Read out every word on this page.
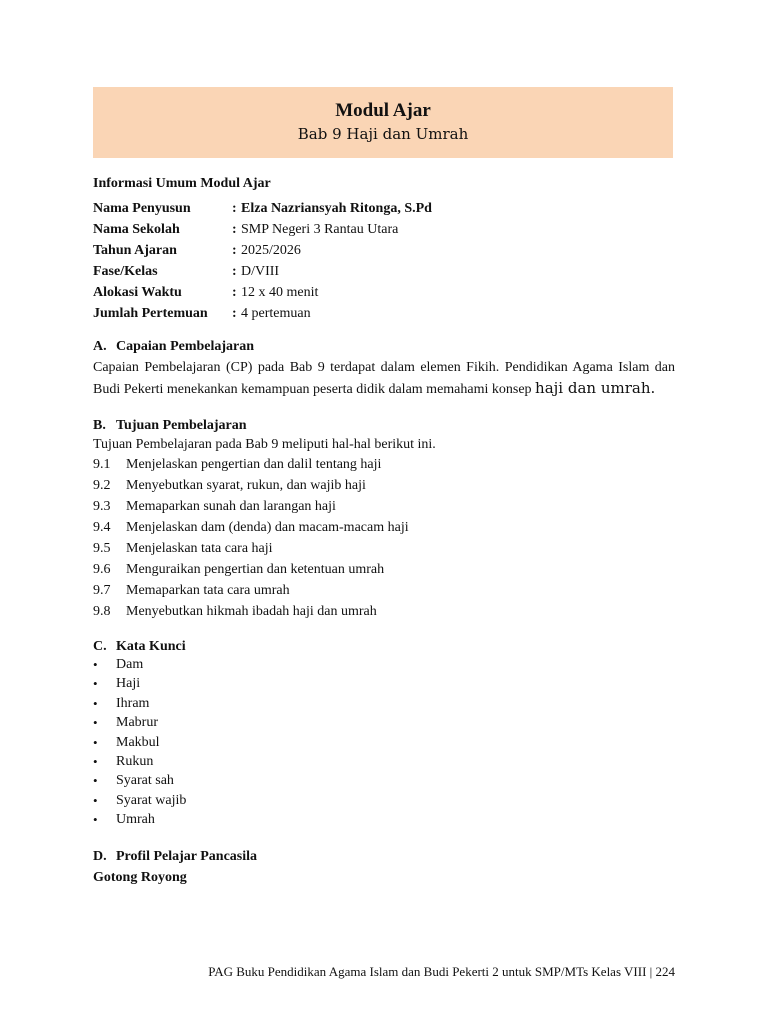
Modul Ajar
Bab 9 Haji dan Umrah
Informasi Umum Modul Ajar
Nama Penyusun	: Elza Nazriansyah Ritonga, S.Pd
Nama Sekolah	: SMP Negeri 3 Rantau Utara
Tahun Ajaran	: 2025/2026
Fase/Kelas	: D/VIII
Alokasi Waktu	: 12 x 40 menit
Jumlah Pertemuan	: 4 pertemuan
A. Capaian Pembelajaran
Capaian Pembelajaran (CP) pada Bab 9 terdapat dalam elemen Fikih. Pendidikan Agama Islam dan Budi Pekerti menekankan kemampuan peserta didik dalam memahami konsep haji dan umrah.
B. Tujuan Pembelajaran
Tujuan Pembelajaran pada Bab 9 meliputi hal-hal berikut ini.
9.1	Menjelaskan pengertian dan dalil tentang haji
9.2	Menyebutkan syarat, rukun, dan wajib haji
9.3	Memaparkan sunah dan larangan haji
9.4	Menjelaskan dam (denda) dan macam-macam haji
9.5	Menjelaskan tata cara haji
9.6	Menguraikan pengertian dan ketentuan umrah
9.7	Memaparkan tata cara umrah
9.8	Menyebutkan hikmah ibadah haji dan umrah
C. Kata Kunci
•	Dam
•	Haji
•	Ihram
•	Mabrur
•	Makbul
•	Rukun
•	Syarat sah
•	Syarat wajib
•	Umrah
D. Profil Pelajar Pancasila
Gotong Royong
PAG Buku Pendidikan Agama Islam dan Budi Pekerti 2 untuk SMP/MTs Kelas VIII | 224
